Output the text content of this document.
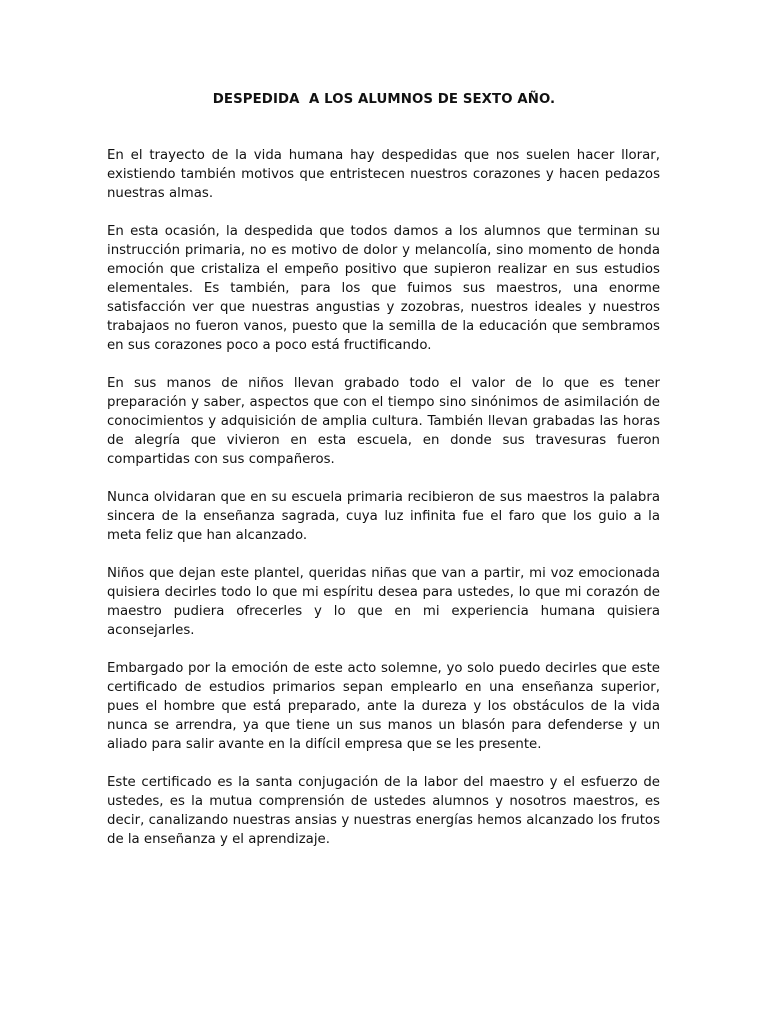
DESPEDIDA  A LOS ALUMNOS DE SEXTO AÑO.

En el trayecto de la vida humana hay despedidas que nos suelen hacer llorar, existiendo también motivos que entristecen nuestros corazones y hacen pedazos nuestras almas.

En esta ocasión, la despedida que todos damos a los alumnos que terminan su instrucción primaria, no es motivo de dolor y melancolía, sino momento de honda emoción que cristaliza el empeño positivo que supieron realizar en sus estudios elementales. Es también, para los que fuimos sus maestros, una enorme satisfacción ver que nuestras angustias y zozobras, nuestros ideales y nuestros trabajaos no fueron vanos, puesto que la semilla de la educación que sembramos en sus corazones poco a poco está fructificando.

En sus manos de niños llevan grabado todo el valor de lo que es tener preparación y saber, aspectos que con el tiempo sino sinónimos de asimilación de conocimientos y adquisición de amplia cultura. También llevan grabadas las horas de alegría que vivieron en esta escuela, en donde sus travesuras fueron compartidas con sus compañeros.

Nunca olvidaran que en su escuela primaria recibieron de sus maestros la palabra sincera de la enseñanza sagrada, cuya luz infinita fue el faro que los guio a la meta feliz que han alcanzado.

Niños que dejan este plantel, queridas niñas que van a partir, mi voz emocionada quisiera decirles todo lo que mi espíritu desea para ustedes, lo que mi corazón de maestro pudiera ofrecerles y lo que en mi experiencia humana quisiera aconsejarles.

Embargado por la emoción de este acto solemne, yo solo puedo decirles que este certificado de estudios primarios sepan emplearlo en una enseñanza superior, pues el hombre que está preparado, ante la dureza y los obstáculos de la vida nunca se arrendra, ya que tiene un sus manos un blasón para defenderse y un aliado para salir avante en la difícil empresa que se les presente.

Este certificado es la santa conjugación de la labor del maestro y el esfuerzo de ustedes, es la mutua comprensión de ustedes alumnos y nosotros maestros, es decir, canalizando nuestras ansias y nuestras energías hemos alcanzado los frutos de la enseñanza y el aprendizaje.
